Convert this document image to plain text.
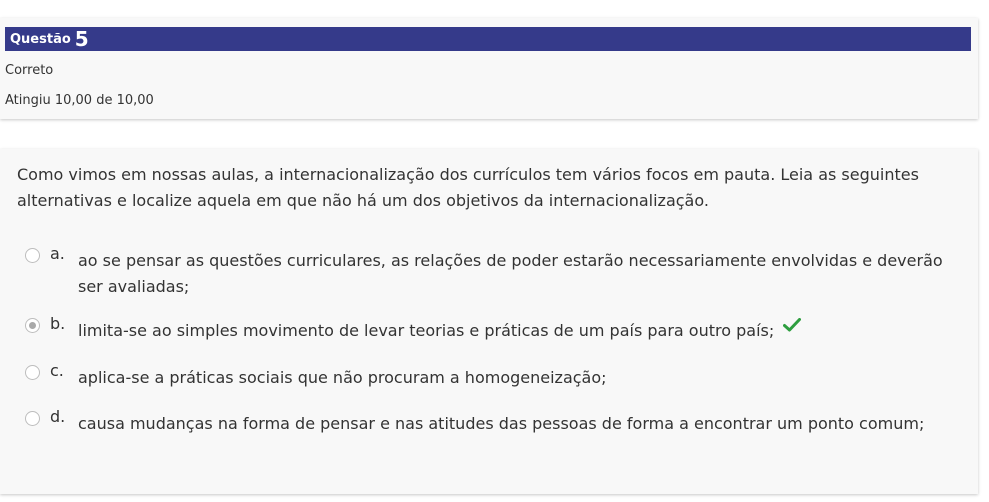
Questão 5
Correto
Atingiu 10,00 de 10,00
Como vimos em nossas aulas, a internacionalização dos currículos tem vários focos em pauta. Leia as seguintes alternativas e localize aquela em que não há um dos objetivos da internacionalização.
a. ao se pensar as questões curriculares, as relações de poder estarão necessariamente envolvidas e deverão ser avaliadas;
b. limita-se ao simples movimento de levar teorias e práticas de um país para outro país;
c. aplica-se a práticas sociais que não procuram a homogeneização;
d. causa mudanças na forma de pensar e nas atitudes das pessoas de forma a encontrar um ponto comum;
